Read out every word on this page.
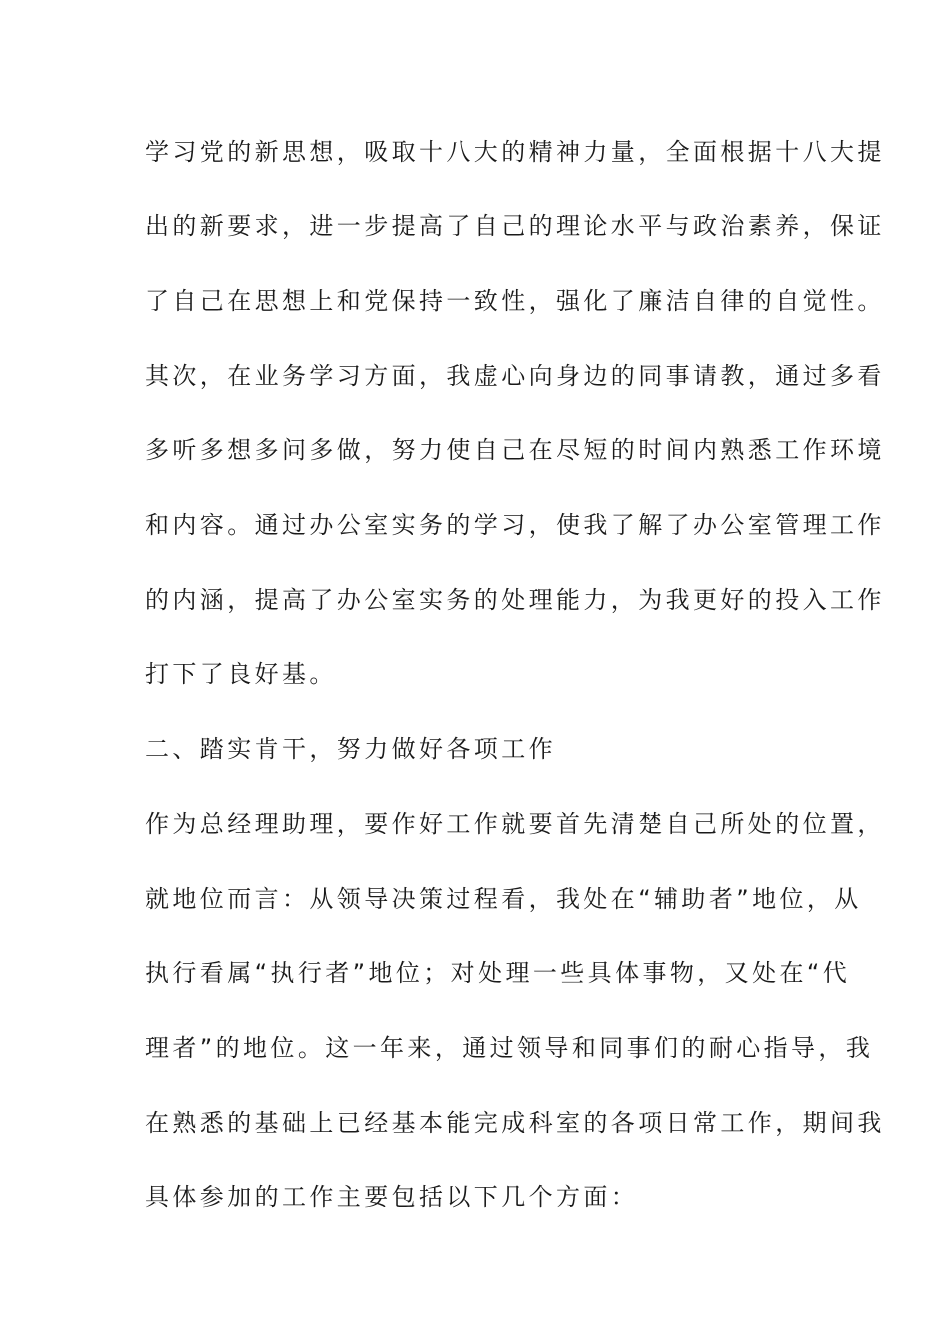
学习党的新思想，吸取十八大的精神力量，全面根据十八大提
出的新要求，进一步提高了自己的理论水平与政治素养，保证
了自己在思想上和党保持一致性，强化了廉洁自律的自觉性。
其次，在业务学习方面，我虚心向身边的同事请教，通过多看
多听多想多问多做，努力使自己在尽短的时间内熟悉工作环境
和内容。通过办公室实务的学习，使我了解了办公室管理工作
的内涵，提高了办公室实务的处理能力，为我更好的投入工作
打下了良好基。
二、踏实肯干，努力做好各项工作
作为总经理助理，要作好工作就要首先清楚自己所处的位置，
就地位而言：从领导决策过程看，我处在“辅助者”地位，从
执行看属“执行者”地位；对处理一些具体事物，又处在“代
理者”的地位。这一年来，通过领导和同事们的耐心指导，我
在熟悉的基础上已经基本能完成科室的各项日常工作，期间我
具体参加的工作主要包括以下几个方面：
